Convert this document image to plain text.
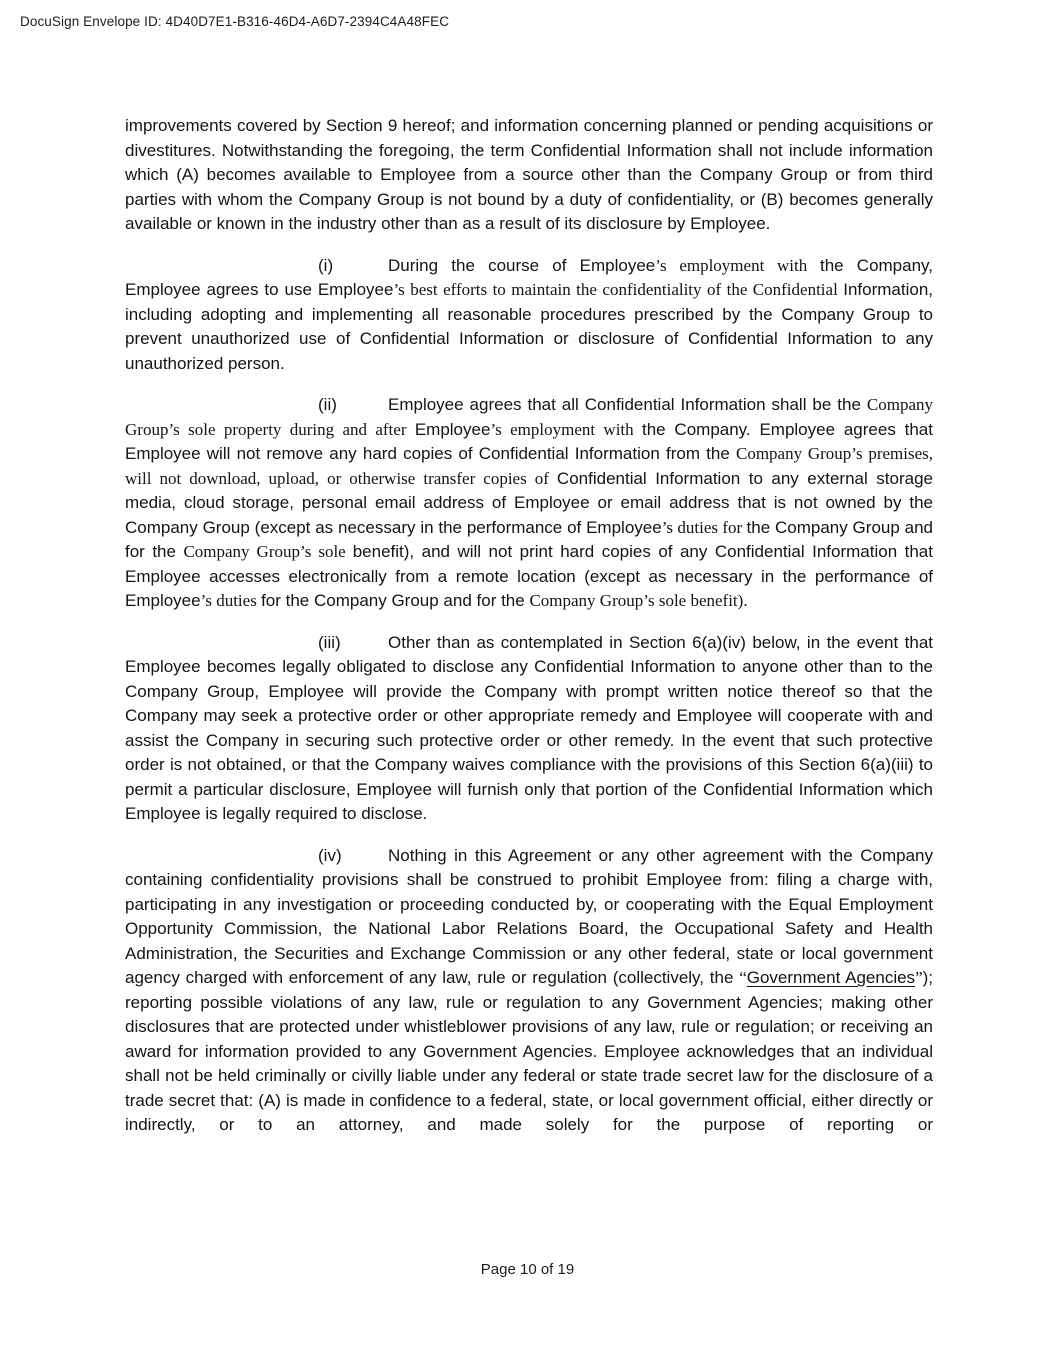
DocuSign Envelope ID: 4D40D7E1-B316-46D4-A6D7-2394C4A48FEC

improvements covered by Section 9 hereof; and information concerning planned or pending acquisitions or divestitures. Notwithstanding the foregoing, the term Confidential Information shall not include information which (A) becomes available to Employee from a source other than the Company Group or from third parties with whom the Company Group is not bound by a duty of confidentiality, or (B) becomes generally available or known in the industry other than as a result of its disclosure by Employee.

(i)	During the course of Employee’s employment with the Company, Employee agrees to use Employee’s best efforts to maintain the confidentiality of the Confidential Information, including adopting and implementing all reasonable procedures prescribed by the Company Group to prevent unauthorized use of Confidential Information or disclosure of Confidential Information to any unauthorized person.

(ii)	Employee agrees that all Confidential Information shall be the Company Group’s sole property during and after Employee’s employment with the Company. Employee agrees that Employee will not remove any hard copies of Confidential Information from the Company Group’s premises, will not download, upload, or otherwise transfer copies of Confidential Information to any external storage media, cloud storage, personal email address of Employee or email address that is not owned by the Company Group (except as necessary in the performance of Employee’s duties for the Company Group and for the Company Group’s sole benefit), and will not print hard copies of any Confidential Information that Employee accesses electronically from a remote location (except as necessary in the performance of Employee’s duties for the Company Group and for the Company Group’s sole benefit).

(iii)	Other than as contemplated in Section 6(a)(iv) below, in the event that Employee becomes legally obligated to disclose any Confidential Information to anyone other than to the Company Group, Employee will provide the Company with prompt written notice thereof so that the Company may seek a protective order or other appropriate remedy and Employee will cooperate with and assist the Company in securing such protective order or other remedy. In the event that such protective order is not obtained, or that the Company waives compliance with the provisions of this Section 6(a)(iii) to permit a particular disclosure, Employee will furnish only that portion of the Confidential Information which Employee is legally required to disclose.

(iv)	Nothing in this Agreement or any other agreement with the Company containing confidentiality provisions shall be construed to prohibit Employee from: filing a charge with, participating in any investigation or proceeding conducted by, or cooperating with the Equal Employment Opportunity Commission, the National Labor Relations Board, the Occupational Safety and Health Administration, the Securities and Exchange Commission or any other federal, state or local government agency charged with enforcement of any law, rule or regulation (collectively, the “Government Agencies”); reporting possible violations of any law, rule or regulation to any Government Agencies; making other disclosures that are protected under whistleblower provisions of any law, rule or regulation; or receiving an award for information provided to any Government Agencies. Employee acknowledges that an individual shall not be held criminally or civilly liable under any federal or state trade secret law for the disclosure of a trade secret that: (A) is made in confidence to a federal, state, or local government official, either directly or indirectly, or to an attorney, and made solely for the purpose of reporting or

Page 10 of 19
